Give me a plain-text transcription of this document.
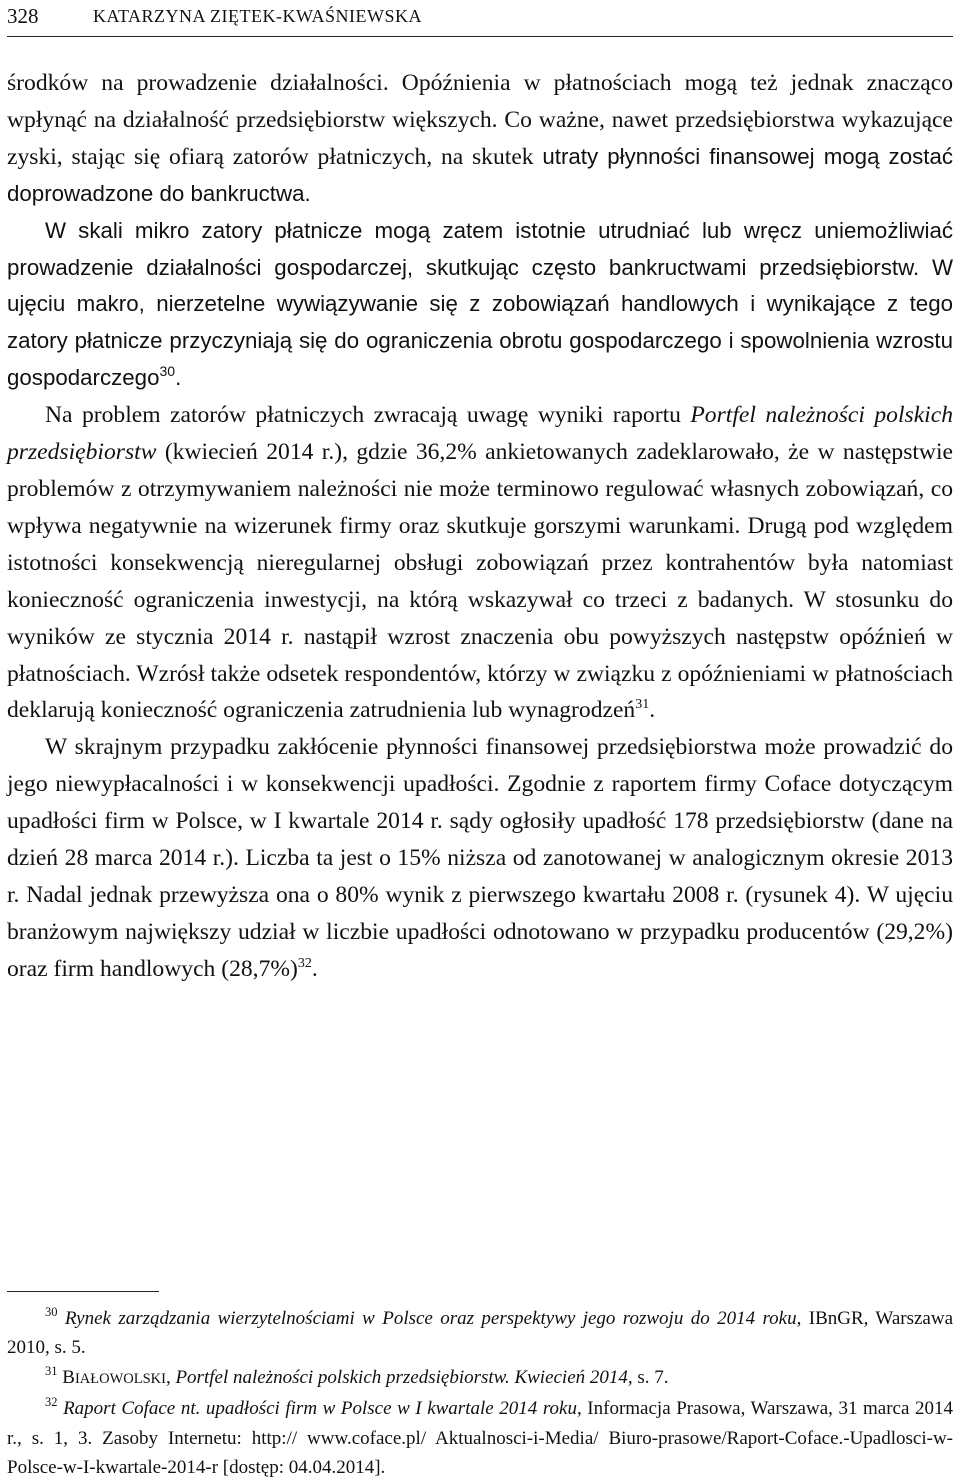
328	KATARZYNA ZIĘTEK-KWAŚNIEWSKA

środków na prowadzenie działalności. Opóźnienia w płatnościach mogą też jednak znacząco wpłynąć na działalność przedsiębiorstw większych. Co ważne, nawet przedsiębiorstwa wykazujące zyski, stając się ofiarą zatorów płatniczych, na skutek utraty płynności finansowej mogą zostać doprowadzone do bankructwa.

W skali mikro zatory płatnicze mogą zatem istotnie utrudniać lub wręcz uniemożliwiać prowadzenie działalności gospodarczej, skutkując często bankructwami przedsiębiorstw. W ujęciu makro, nierzetelne wywiązywanie się z zobowiązań handlowych i wynikające z tego zatory płatnicze przyczyniają się do ograniczenia obrotu gospodarczego i spowolnienia wzrostu gospodarczego$^{30}$.

Na problem zatorów płatniczych zwracają uwagę wyniki raportu Portfel należności polskich przedsiębiorstw (kwiecień 2014 r.), gdzie 36,2% ankietowanych zadeklarowało, że w następstwie problemów z otrzymywaniem należności nie może terminowo regulować własnych zobowiązań, co wpływa negatywnie na wizerunek firmy oraz skutkuje gorszymi warunkami. Drugą pod względem istotności konsekwencją nieregularnej obsługi zobowiązań przez kontrahentów była natomiast konieczność ograniczenia inwestycji, na którą wskazywał co trzeci z badanych. W stosunku do wyników ze stycznia 2014 r. nastąpił wzrost znaczenia obu powyższych następstw opóźnień w płatnościach. Wzrósł także odsetek respondentów, którzy w związku z opóźnieniami w płatnościach deklarują konieczność ograniczenia zatrudnienia lub wynagrodzeń$^{31}$.

W skrajnym przypadku zakłócenie płynności finansowej przedsiębiorstwa może prowadzić do jego niewypłacalności i w konsekwencji upadłości. Zgodnie z raportem firmy Coface dotyczącym upadłości firm w Polsce, w I kwartale 2014 r. sądy ogłosiły upadłość 178 przedsiębiorstw (dane na dzień 28 marca 2014 r.). Liczba ta jest o 15% niższa od zanotowanej w analogicznym okresie 2013 r. Nadal jednak przewyższa ona o 80% wynik z pierwszego kwartału 2008 r. (rysunek 4). W ujęciu branżowym największy udział w liczbie upadłości odnotowano w przypadku producentów (29,2%) oraz firm handlowych $(28,7\%)^{32}$.

$^{30}$ Rynek zarządzania wierzytelnościami w Polsce oraz perspektywy jego rozwoju do 2014 roku, IBnGR, Warszawa 2010, s. 5.

$^{31}$ BIAŁOWOLSKI, Portfel należności polskich przedsiębiorstw. Kwiecień 2014, s. 7.

$^{32}$ Raport Coface nt. upadłości firm w Polsce w I kwartale 2014 roku, Informacja Prasowa, Warszawa, 31 marca 2014 r., s. 1, 3. Zasoby Internetu: http:// www.coface.pl/ Aktualnosci-i-Media/ Biuro-prasowe/Raport-Coface.-Upadlosci-w-Polsce-w-I-kwartale-2014-r [dostęp: 04.04.2014].
